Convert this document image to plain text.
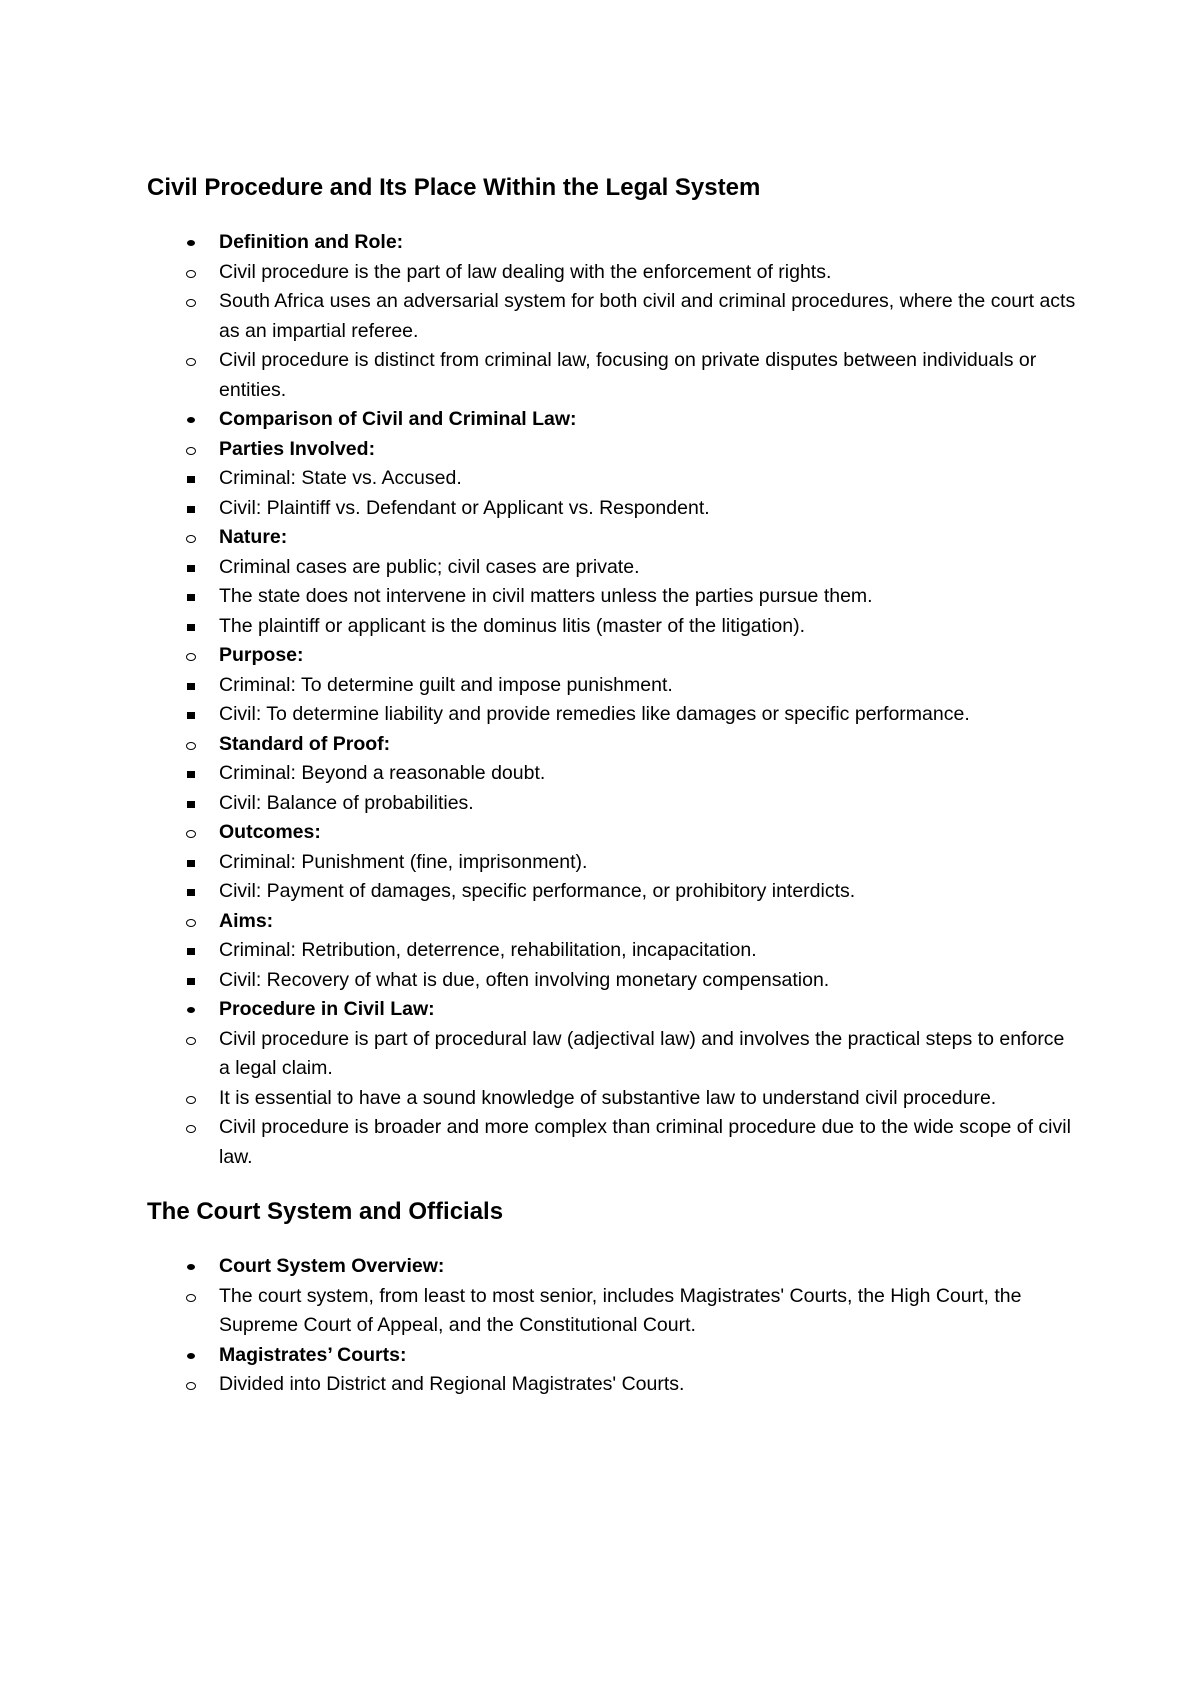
Civil Procedure and Its Place Within the Legal System
Definition and Role:
Civil procedure is the part of law dealing with the enforcement of rights.
South Africa uses an adversarial system for both civil and criminal procedures, where the court acts as an impartial referee.
Civil procedure is distinct from criminal law, focusing on private disputes between individuals or entities.
Comparison of Civil and Criminal Law:
Parties Involved:
Criminal: State vs. Accused.
Civil: Plaintiff vs. Defendant or Applicant vs. Respondent.
Nature:
Criminal cases are public; civil cases are private.
The state does not intervene in civil matters unless the parties pursue them.
The plaintiff or applicant is the dominus litis (master of the litigation).
Purpose:
Criminal: To determine guilt and impose punishment.
Civil: To determine liability and provide remedies like damages or specific performance.
Standard of Proof:
Criminal: Beyond a reasonable doubt.
Civil: Balance of probabilities.
Outcomes:
Criminal: Punishment (fine, imprisonment).
Civil: Payment of damages, specific performance, or prohibitory interdicts.
Aims:
Criminal: Retribution, deterrence, rehabilitation, incapacitation.
Civil: Recovery of what is due, often involving monetary compensation.
Procedure in Civil Law:
Civil procedure is part of procedural law (adjectival law) and involves the practical steps to enforce a legal claim.
It is essential to have a sound knowledge of substantive law to understand civil procedure.
Civil procedure is broader and more complex than criminal procedure due to the wide scope of civil law.
The Court System and Officials
Court System Overview:
The court system, from least to most senior, includes Magistrates' Courts, the High Court, the Supreme Court of Appeal, and the Constitutional Court.
Magistrates’ Courts:
Divided into District and Regional Magistrates' Courts.
